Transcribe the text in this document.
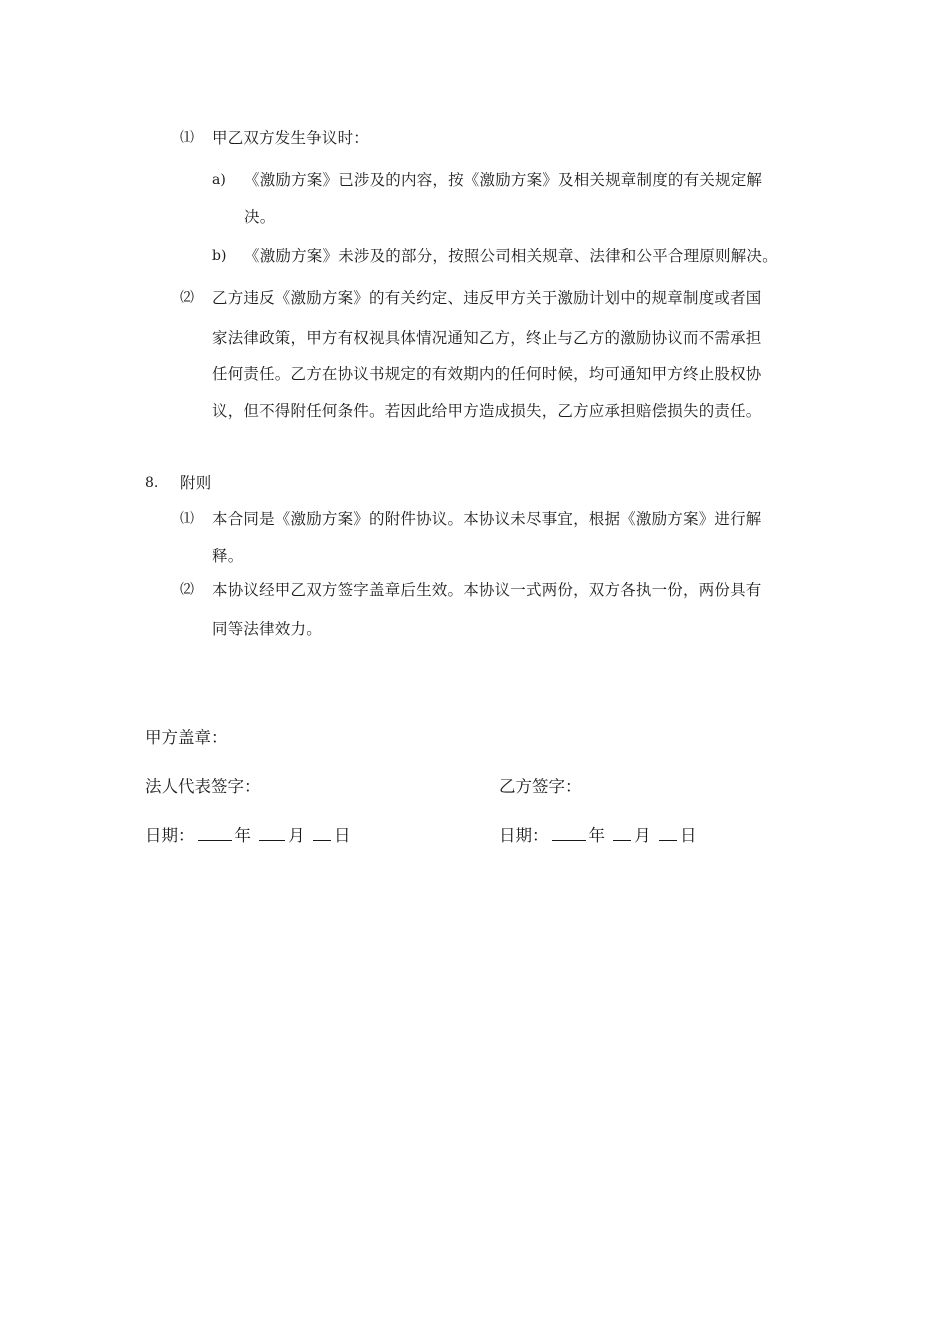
⑴ 甲乙双方发生争议时：
a) 《激励方案》已涉及的内容，按《激励方案》及相关规章制度的有关规定解
决。
b) 《激励方案》未涉及的部分，按照公司相关规章、法律和公平合理原则解决。
⑵ 乙方违反《激励方案》的有关约定、违反甲方关于激励计划中的规章制度或者国
家法律政策，甲方有权视具体情况通知乙方，终止与乙方的激励协议而不需承担
任何责任。乙方在协议书规定的有效期内的任何时候，均可通知甲方终止股权协
议，但不得附任何条件。若因此给甲方造成损失，乙方应承担赔偿损失的责任。
8. 附则
⑴ 本合同是《激励方案》的附件协议。本协议未尽事宜，根据《激励方案》进行解
释。
⑵ 本协议经甲乙双方签字盖章后生效。本协议一式两份，双方各执一份，两份具有
同等法律效力。
甲方盖章：
法人代表签字：	乙方签字：
日期： 年 月 日	日期： 年 月 日
